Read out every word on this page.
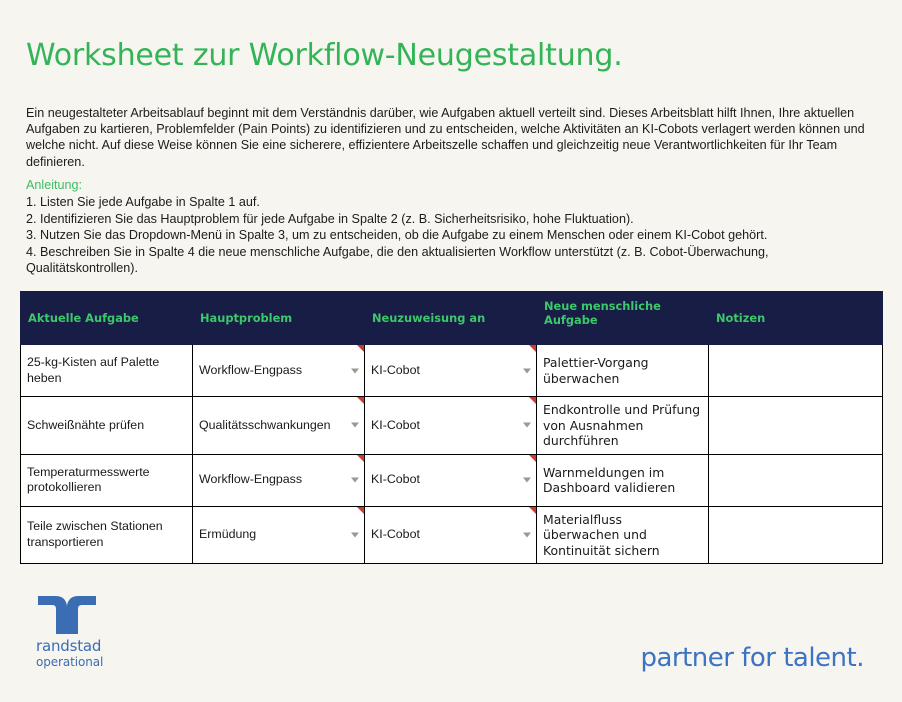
Worksheet zur Workflow-Neugestaltung.

Ein neugestalteter Arbeitsablauf beginnt mit dem Verständnis darüber, wie Aufgaben aktuell verteilt sind. Dieses Arbeitsblatt hilft Ihnen, Ihre aktuellen Aufgaben zu kartieren, Problemfelder (Pain Points) zu identifizieren und zu entscheiden, welche Aktivitäten an KI-Cobots verlagert werden können und welche nicht. Auf diese Weise können Sie eine sicherere, effizientere Arbeitszelle schaffen und gleichzeitig neue Verantwortlichkeiten für Ihr Team definieren.

Anleitung:
1. Listen Sie jede Aufgabe in Spalte 1 auf.
2. Identifizieren Sie das Hauptproblem für jede Aufgabe in Spalte 2 (z. B. Sicherheitsrisiko, hohe Fluktuation).
3. Nutzen Sie das Dropdown-Menü in Spalte 3, um zu entscheiden, ob die Aufgabe zu einem Menschen oder einem KI-Cobot gehört.
4. Beschreiben Sie in Spalte 4 die neue menschliche Aufgabe, die den aktualisierten Workflow unterstützt (z. B. Cobot-Überwachung, Qualitätskontrollen).
Aktuelle Aufgabe	Hauptproblem	Neuzuweisung an	Neue menschliche Aufgabe	Notizen
25-kg-Kisten auf Palette heben	Workflow-Engpass	KI-Cobot	Palettier-Vorgang überwachen	
Schweißnähte prüfen	Qualitätsschwankungen	KI-Cobot	Endkontrolle und Prüfung von Ausnahmen durchführen	
Temperaturmesswerte protokollieren	Workflow-Engpass	KI-Cobot	Warnmeldungen im Dashboard validieren	
Teile zwischen Stationen transportieren	Ermüdung	KI-Cobot	Materialfluss überwachen und Kontinuität sichern	
randstad
operational	partner for talent.
